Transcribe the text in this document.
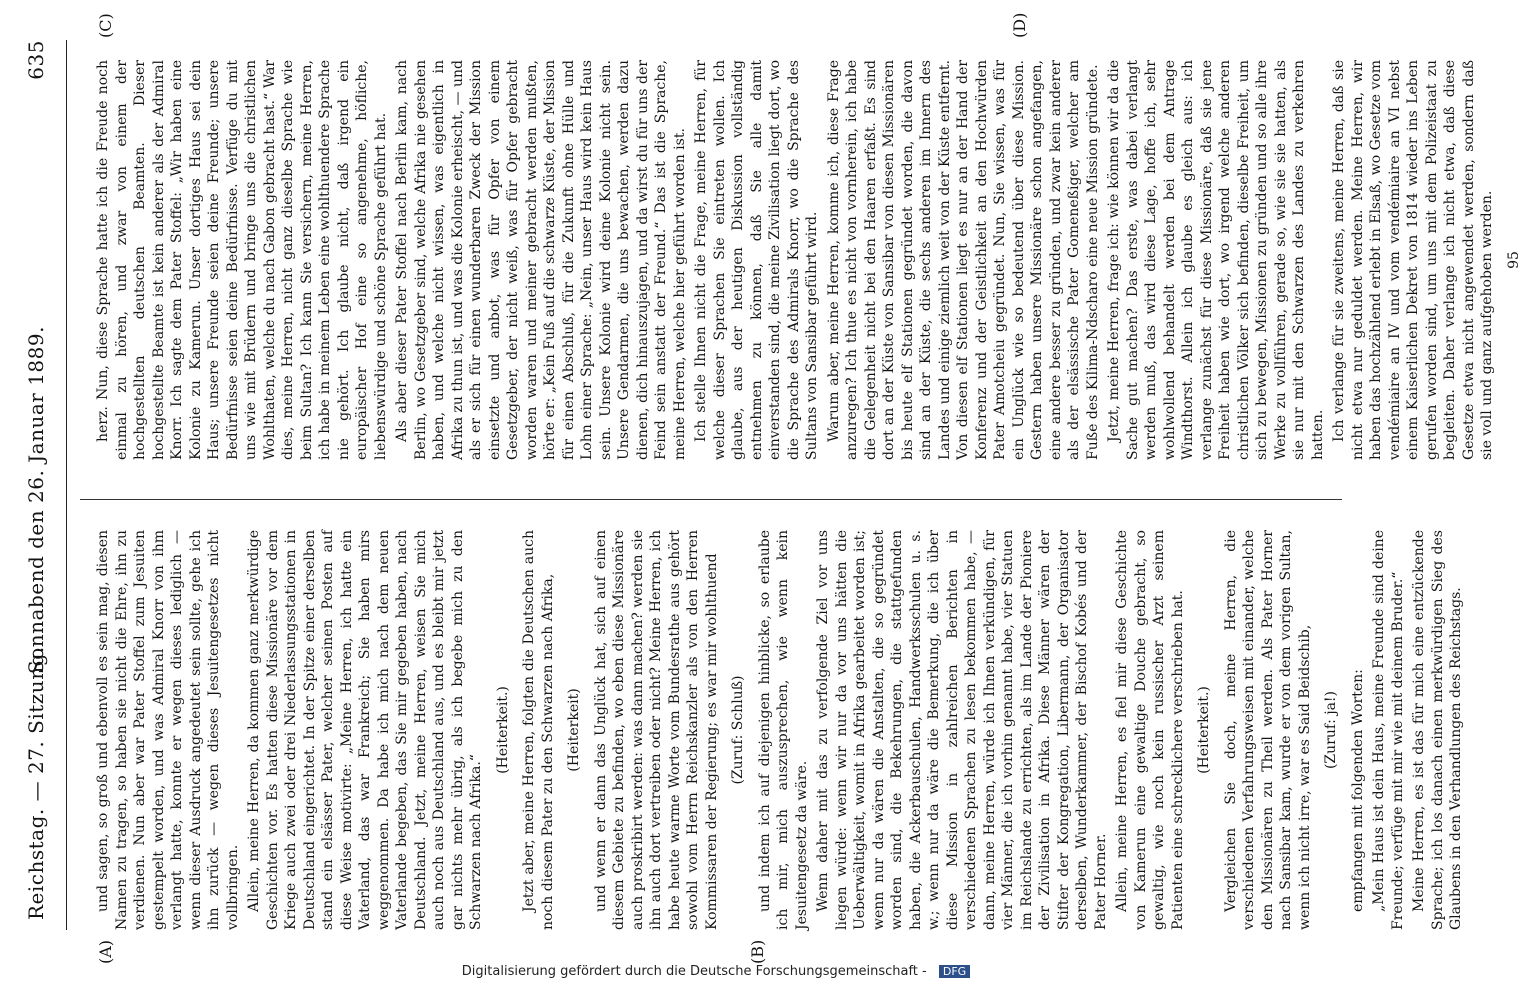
Reichstag. — 27. Sitzung.
Sonnabend den 26. Januar 1889.
635
(A)	(B)
(C)	(D)

und sagen, so groß und ebenvoll es sein mag, diesen Namen zu tragen, so haben sie nicht die Ehre, ihn zu verdienen. Nun aber war Pater Stoffel zum Jesuiten gestempelt worden, und was Admiral Knorr von ihm verlangt hatte, konnte er wegen dieses lediglich — wenn dieser Ausdruck angedeutet sein sollte, gehe ich ihn zurück — wegen dieses Jesuitengesetzes nicht vollbringen. Allein, meine Herren, da kommen ganz merkwürdige Geschichten vor. Es hatten diese Missionäre vor dem Kriege auch zwei oder drei Niederlassungsstationen in Deutschland eingerichtet. In der Spitze einer derselben stand ein elsässer Pater, welcher seinen Posten auf diese Weise motivirte: „Meine Herren, ich hatte ein Vaterland, das war Frankreich; Sie haben mirs weggenommen. Da habe ich mich nach dem neuen Vaterlande begeben, das Sie mir gegeben haben, nach Deutschland. Jetzt, meine Herren, weisen Sie mich auch noch aus Deutschland aus, und es bleibt mir jetzt gar nichts mehr übrig, als ich begebe mich zu den Schwarzen nach Afrika.“

(Heiterkeit.) Jetzt aber, meine Herren, folgten die Deutschen auch noch diesem Pater zu den Schwarzen nach Afrika, (Heiterkeit) und wenn er dann das Unglück hat, sich auf einen diesem Gebiete zu befinden, wo eben diese Missionäre auch proskribirt werden: was dann machen? werden sie ihn auch dort vertreiben oder nicht? Meine Herren, ich habe heute warme Worte vom Bundesrathe aus gehört sowohl vom Herrn Reichskanzler als von den Herren Kommissaren der Regierung; es war mir wohlthuend (Zuruf: Schluß) und indem ich auf diejenigen hinblicke, so erlaube ich mir, mich auszusprechen, wie wenn kein Jesuitengesetz da wäre. Wenn daher mit das zu verfolgende Ziel vor uns liegen würde: wenn wir nur da vor uns hätten die Ueberwältigkeit, womit in Afrika gearbeitet worden ist; wenn nur da wären die Anstalten, die so gegründet worden sind, die Bekehrungen, die stattgefunden haben, die Ackerbauschulen, Handwerksschulen u. s. w.; wenn nur da wäre die Bemerkung, die ich über diese Mission in zahlreichen Berichten in verschiedenen Sprachen zu lesen bekommen habe, — dann, meine Herren, würde ich Ihnen verkündigen, für vier Männer, die ich vorhin genannt habe, vier Statuen im Reichslande zu errichten, als im Lande der Pioniere der Zivilisation in Afrika. Diese Männer wären der Stifter der Kongregation, Libermann, der Organisator derselben, Wunderkammer, der Bischof Kobés und der Pater Horner. Allein, meine Herren, es fiel mir diese Geschichte von Kamerun eine gewaltige Douche gebracht, so gewaltig, wie noch kein russischer Arzt seinem Patienten eine schrecklichere verschrieben hat. (Heiterkeit.) Vergleichen Sie doch, meine Herren, die verschiedenen Verfahrungsweisen mit einander, welche den Missionären zu Theil werden. Als Pater Horner nach Sansibar kam, wurde er von dem vorigen Sultan, wenn ich nicht irre, war es Said Beidschib, (Zuruf: ja!) empfangen mit folgenden Worten: „Mein Haus ist dein Haus, meine Freunde sind deine Freunde; verfüge mit mir wie mit deinem Bruder.“ Meine Herren, es ist das für mich eine entzückende Sprache; ich los danach einen merkwürdigen Sieg des Glaubens in den Verhandlungen des Reichstags.

herz. Nun, diese Sprache hatte ich die Freude noch einmal zu hören, und zwar von einem der hochgestellten deutschen Beamten. Dieser hochgestellte Beamte ist kein anderer als der Admiral Knorr. Ich sagte dem Pater Stoffel: „Wir haben eine Kolonie zu Kamerun. Unser dortiges Haus sei dein Haus; unsere Freunde seien deine Freunde; unsere Bedürfnisse seien deine Bedürfnisse. Verfüge du mit uns wie mit Brüdern und bringe uns die christlichen Wohlthaten, welche du nach Gabon gebracht hast.“ War dies, meine Herren, nicht ganz dieselbe Sprache wie beim Sultan? Ich kann Sie versichern, meine Herren, ich habe in meinem Leben eine wohlthuendere Sprache nie gehört. Ich glaube nicht, daß irgend ein europäischer Hof eine so angenehme, höfliche, liebenswürdige und schöne Sprache geführt hat. Als aber dieser Pater Stoffel nach Berlin kam, nach Berlin, wo Gesetzgeber sind, welche Afrika nie gesehen haben, und welche nicht wissen, was eigentlich in Afrika zu thun ist, und was die Kolonie erheischt, — und als er sich für einen wunderbaren Zweck der Mission einsetzte und anbot, was für Opfer von einem Gesetzgeber, der nicht weiß, was für Opfer gebracht worden waren und meiner gebracht werden mußten, hörte er: „Kein Fuß auf die schwarze Küste, der Mission für einen Abschluß, für die Zukunft ohne Hülle und Lohn einer Sprache: „Nein, unser Haus wird kein Haus sein. Unsere Kolonie wird deine Kolonie nicht sein. Unsere Gendarmen, die uns bewachen, werden dazu dienen, dich hinauszujagen, und da wirst du für uns der Feind sein anstatt der Freund.“ Das ist die Sprache, meine Herren, welche hier geführt worden ist. Ich stelle Ihnen nicht die Frage, meine Herren, für welche dieser Sprachen Sie eintreten wollen. Ich glaube, aus der heutigen Diskussion vollständig entnehmen zu können, daß Sie alle damit einverstanden sind, die meine Zivilisation liegt dort, wo die Sprache des Admirals Knorr, wo die Sprache des Sultans von Sansibar geführt wird. Warum aber, meine Herren, komme ich, diese Frage anzuregen? Ich thue es nicht von vornherein, ich habe die Gelegenheit nicht bei den Haaren erfaßt. Es sind dort an der Küste von Sansibar von diesen Missionären bis heute elf Stationen gegründet worden, die davon sind an der Küste, die sechs anderen im Innern des Landes und einige ziemlich weit von der Küste entfernt. Von diesen elf Stationen liegt es nur an der Hand der Konferenz und der Geistlichkeit an den Hochwürden Pater Amotcheiu gegründet. Nun, Sie wissen, was für ein Unglück wie so bedeutend über diese Mission. Gestern haben unsere Missionäre schon angefangen, eine andere besser zu gründen, und zwar kein anderer als der elsässische Pater Gomeneßiger, welcher am Fuße des Kilima-Ndscharo eine neue Mission gründete. Jetzt, meine Herren, frage ich: wie können wir da die Sache gut machen? Das erste, was dabei verlangt werden muß, das wird diese Lage, hoffe ich, sehr wohlwollend behandelt werden bei dem Antrage Windthorst. Allein ich glaube es gleich aus: ich verlange zunächst für diese Missionäre, daß sie jene Freiheit haben wie dort, wo irgend welche anderen christlichen Völker sich befinden, dieselbe Freiheit, um sich zu bewegen, Missionen zu gründen und so alle ihre Werke zu vollführen, gerade so, wie sie sie hatten, als sie nur mit den Schwarzen des Landes zu verkehren hatten. Ich verlange für sie zweitens, meine Herren, daß sie nicht etwa nur geduldet werden. Meine Herren, wir haben das hochzählend erlebt in Elsaß, wo Gesetze vom vendémiaire an IV und vom vendémiaire an VI nebst einem Kaiserlichen Dekret von 1814 wieder ins Leben gerufen worden sind, um uns mit dem Polizeistaat zu begleiten. Daher verlange ich nicht etwa, daß diese Gesetze etwa nicht angewendet werden, sondern daß sie voll und ganz aufgehoben werden. 95

Digitalisierung gefördert durch die Deutsche Forschungsgemeinschaft - DFG
